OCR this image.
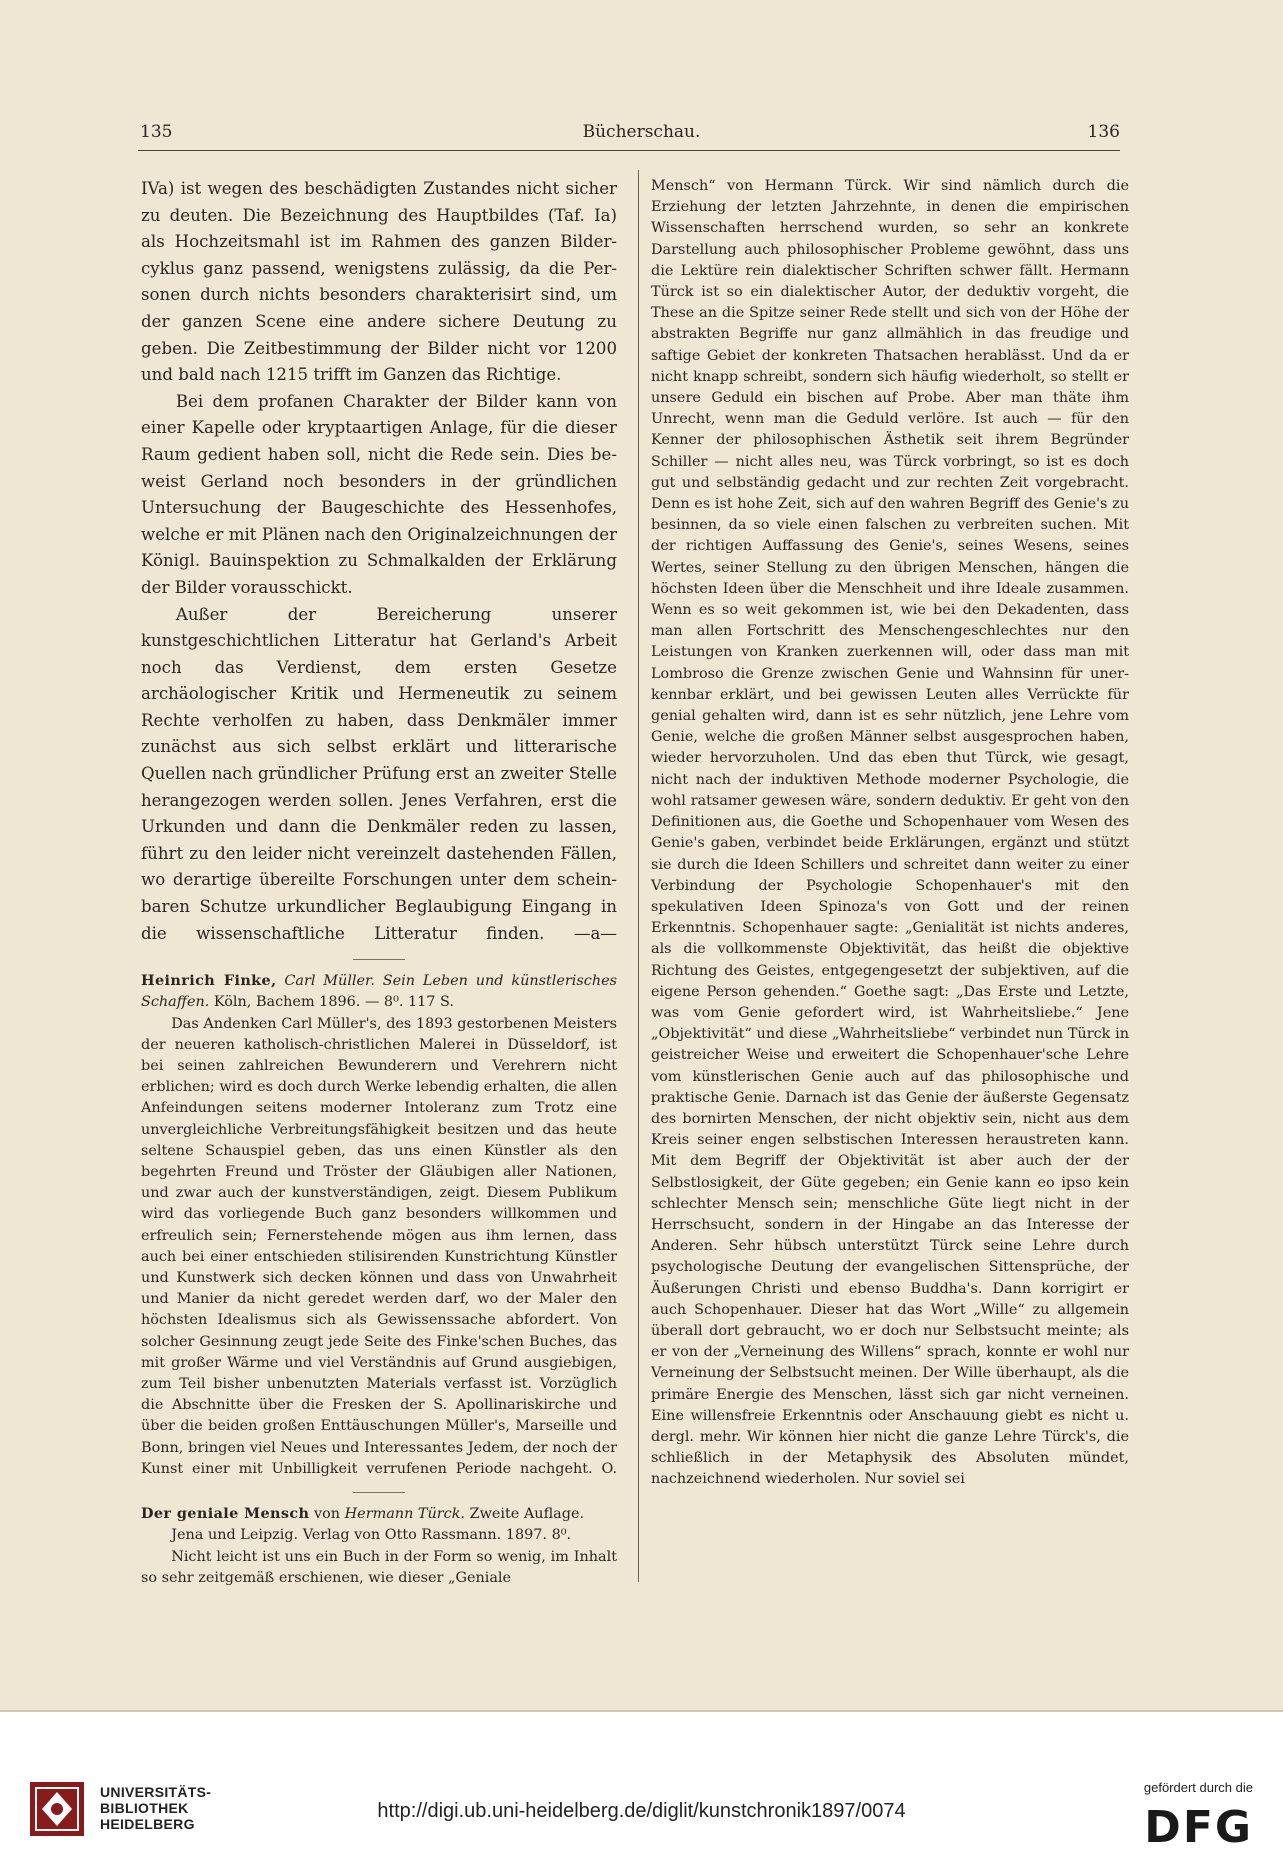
135	Bücherschau.	136

IVa) ist wegen des beschädigten Zustandes nicht sicher zu deuten. Die Bezeichnung des Hauptbildes (Taf. Ia) als Hochzeitsmahl ist im Rahmen des ganzen Bildercyklus ganz passend, wenigstens zulässig, da die Personen durch nichts besonders charakterisirt sind, um der ganzen Scene eine andere sichere Deutung zu geben. Die Zeitbestimmung der Bilder nicht vor 1200 und bald nach 1215 trifft im Ganzen das Richtige.

Bei dem profanen Charakter der Bilder kann von einer Kapelle oder kryptaartigen Anlage, für die dieser Raum gedient haben soll, nicht die Rede sein. Dies beweist Gerland noch besonders in der gründlichen Untersuchung der Baugeschichte des Hessenhofes, welche er mit Plänen nach den Originalzeichnungen der Königl. Bauinspektion zu Schmalkalden der Erklärung der Bilder vorausschickt.

Außer der Bereicherung unserer kunstgeschichtlichen Litteratur hat Gerland's Arbeit noch das Verdienst, dem ersten Gesetze archäologischer Kritik und Hermeneutik zu seinem Rechte verholfen zu haben, dass Denkmäler immer zunächst aus sich selbst erklärt und litterarische Quellen nach gründlicher Prüfung erst an zweiter Stelle herangezogen werden sollen. Jenes Verfahren, erst die Urkunden und dann die Denkmäler reden zu lassen, führt zu den leider nicht vereinzelt dastehenden Fällen, wo derartige übereilte Forschungen unter dem scheinbaren Schutze urkundlicher Beglaubigung Eingang in die wissenschaftliche Litteratur finden. —a—

Heinrich Finke, Carl Müller. Sein Leben und künstlerisches Schaffen. Köln, Bachem 1896. — 8⁰. 117 S.

Das Andenken Carl Müller's, des 1893 gestorbenen Meisters der neueren katholisch-christlichen Malerei in Düsseldorf, ist bei seinen zahlreichen Bewunderern und Verehrern nicht erblichen; wird es doch durch Werke lebendig erhalten, die allen Anfeindungen seitens moderner Intoleranz zum Trotz eine unvergleichliche Verbreitungsfähigkeit besitzen und das heute seltene Schauspiel geben, das uns einen Künstler als den begehrten Freund und Tröster der Gläubigen aller Nationen, und zwar auch der kunstverständigen, zeigt. Diesem Publikum wird das vorliegende Buch ganz besonders willkommen und erfreulich sein; Fernerstehende mögen aus ihm lernen, dass auch bei einer entschieden stilisirenden Kunstrichtung Künstler und Kunstwerk sich decken können und dass von Unwahrheit und Manier da nicht geredet werden darf, wo der Maler den höchsten Idealismus sich als Gewissenssache abfordert. Von solcher Gesinnung zeugt jede Seite des Finke'schen Buches, das mit großer Wärme und viel Verständnis auf Grund ausgiebigen, zum Teil bisher unbenutzten Materials verfasst ist. Vorzüglich die Abschnitte über die Fresken der S. Apollinariskirche und über die beiden großen Enttäuschungen Müller's, Marseille und Bonn, bringen viel Neues und Interessantes Jedem, der noch der Kunst einer mit Unbilligkeit verrufenen Periode nachgeht. O.

Der geniale Mensch von Hermann Türck. Zweite Auflage.

Jena und Leipzig. Verlag von Otto Rassmann. 1897. 8⁰.

Nicht leicht ist uns ein Buch in der Form so wenig, im Inhalt so sehr zeitgemäß erschienen, wie dieser „Geniale

Mensch“ von Hermann Türck. Wir sind nämlich durch die Erziehung der letzten Jahrzehnte, in denen die empirischen Wissenschaften herrschend wurden, so sehr an konkrete Darstellung auch philosophischer Probleme gewöhnt, dass uns die Lektüre rein dialektischer Schriften schwer fällt. Hermann Türck ist so ein dialektischer Autor, der deduktiv vorgeht, die These an die Spitze seiner Rede stellt und sich von der Höhe der abstrakten Begriffe nur ganz allmählich in das freudige und saftige Gebiet der konkreten Thatsachen herablässt. Und da er nicht knapp schreibt, sondern sich häufig wiederholt, so stellt er unsere Geduld ein bischen auf Probe. Aber man thäte ihm Unrecht, wenn man die Geduld verlöre. Ist auch — für den Kenner der philosophischen Ästhetik seit ihrem Begründer Schiller — nicht alles neu, was Türck vorbringt, so ist es doch gut und selbständig gedacht und zur rechten Zeit vorgebracht. Denn es ist hohe Zeit, sich auf den wahren Begriff des Genie's zu besinnen, da so viele einen falschen zu verbreiten suchen. Mit der richtigen Auffassung des Genie's, seines Wesens, seines Wertes, seiner Stellung zu den übrigen Menschen, hängen die höchsten Ideen über die Menschheit und ihre Ideale zusammen. Wenn es so weit gekommen ist, wie bei den Dekadenten, dass man allen Fortschritt des Menschengeschlechtes nur den Leistungen von Kranken zuerkennen will, oder dass man mit Lombroso die Grenze zwischen Genie und Wahnsinn für unerkennbar erklärt, und bei gewissen Leuten alles Verrückte für genial gehalten wird, dann ist es sehr nützlich, jene Lehre vom Genie, welche die großen Männer selbst ausgesprochen haben, wieder hervorzuholen. Und das eben thut Türck, wie gesagt, nicht nach der induktiven Methode moderner Psychologie, die wohl ratsamer gewesen wäre, sondern deduktiv. Er geht von den Definitionen aus, die Goethe und Schopenhauer vom Wesen des Genie's gaben, verbindet beide Erklärungen, ergänzt und stützt sie durch die Ideen Schillers und schreitet dann weiter zu einer Verbindung der Psychologie Schopenhauer's mit den spekulativen Ideen Spinoza's von Gott und der reinen Erkenntnis. Schopenhauer sagte: „Genialität ist nichts anderes, als die vollkommenste Objektivität, das heißt die objektive Richtung des Geistes, entgegengesetzt der subjektiven, auf die eigene Person gehenden.“ Goethe sagt: „Das Erste und Letzte, was vom Genie gefordert wird, ist Wahrheitsliebe.“ Jene „Objektivität“ und diese „Wahrheitsliebe“ verbindet nun Türck in geistreicher Weise und erweitert die Schopenhauer'sche Lehre vom künstlerischen Genie auch auf das philosophische und praktische Genie. Darnach ist das Genie der äußerste Gegensatz des bornirten Menschen, der nicht objektiv sein, nicht aus dem Kreis seiner engen selbstischen Interessen heraustreten kann. Mit dem Begriff der Objektivität ist aber auch der der Selbstlosigkeit, der Güte gegeben; ein Genie kann eo ipso kein schlechter Mensch sein; menschliche Güte liegt nicht in der Herrschsucht, sondern in der Hingabe an das Interesse der Anderen. Sehr hübsch unterstützt Türck seine Lehre durch psychologische Deutung der evangelischen Sittensprüche, der Äußerungen Christi und ebenso Buddha's. Dann korrigirt er auch Schopenhauer. Dieser hat das Wort „Wille“ zu allgemein überall dort gebraucht, wo er doch nur Selbstsucht meinte; als er von der „Verneinung des Willens“ sprach, konnte er wohl nur Verneinung der Selbstsucht meinen. Der Wille überhaupt, als die primäre Energie des Menschen, lässt sich gar nicht verneinen. Eine willensfreie Erkenntnis oder Anschauung giebt es nicht u. dergl. mehr. Wir können hier nicht die ganze Lehre Türck's, die schließlich in der Metaphysik des Absoluten mündet, nachzeichnend wiederholen. Nur soviel sei

UNIVERSITÄTS-
BIBLIOTHEK
HEIDELBERG
http://digi.ub.uni-heidelberg.de/diglit/kunstchronik1897/0074
gefördert durch die
DFG
